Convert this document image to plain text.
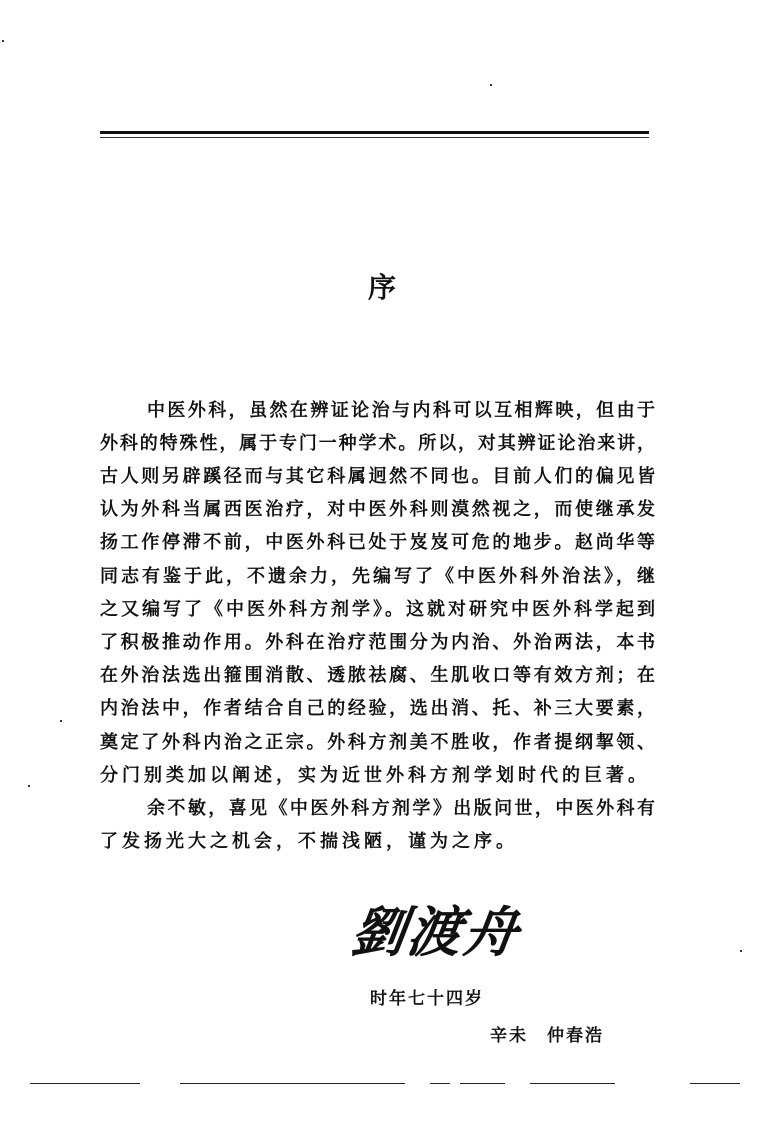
序
中医外科，虽然在辨证论治与内科可以互相辉映，但由于
外科的特殊性，属于专门一种学术。所以，对其辨证论治来讲，
古人则另辟蹊径而与其它科属迥然不同也。目前人们的偏见皆
认为外科当属西医治疗，对中医外科则漠然视之，而使继承发
扬工作停滞不前，中医外科已处于岌岌可危的地步。赵尚华等
同志有鉴于此，不遗余力，先编写了《中医外科外治法》，继
之又编写了《中医外科方剂学》。这就对研究中医外科学起到
了积极推动作用。外科在治疗范围分为内治、外治两法，本书
在外治法选出箍围消散、透脓祛腐、生肌收口等有效方剂；在
内治法中，作者结合自己的经验，选出消、托、补三大要素，
奠定了外科内治之正宗。外科方剂美不胜收，作者提纲挈领、
分门别类加以阐述，实为近世外科方剂学划时代的巨著。
余不敏，喜见《中医外科方剂学》出版问世，中医外科有
了发扬光大之机会，不揣浅陋，谨为之序。
劉渡舟
时年七十四岁
辛未　仲春浩
